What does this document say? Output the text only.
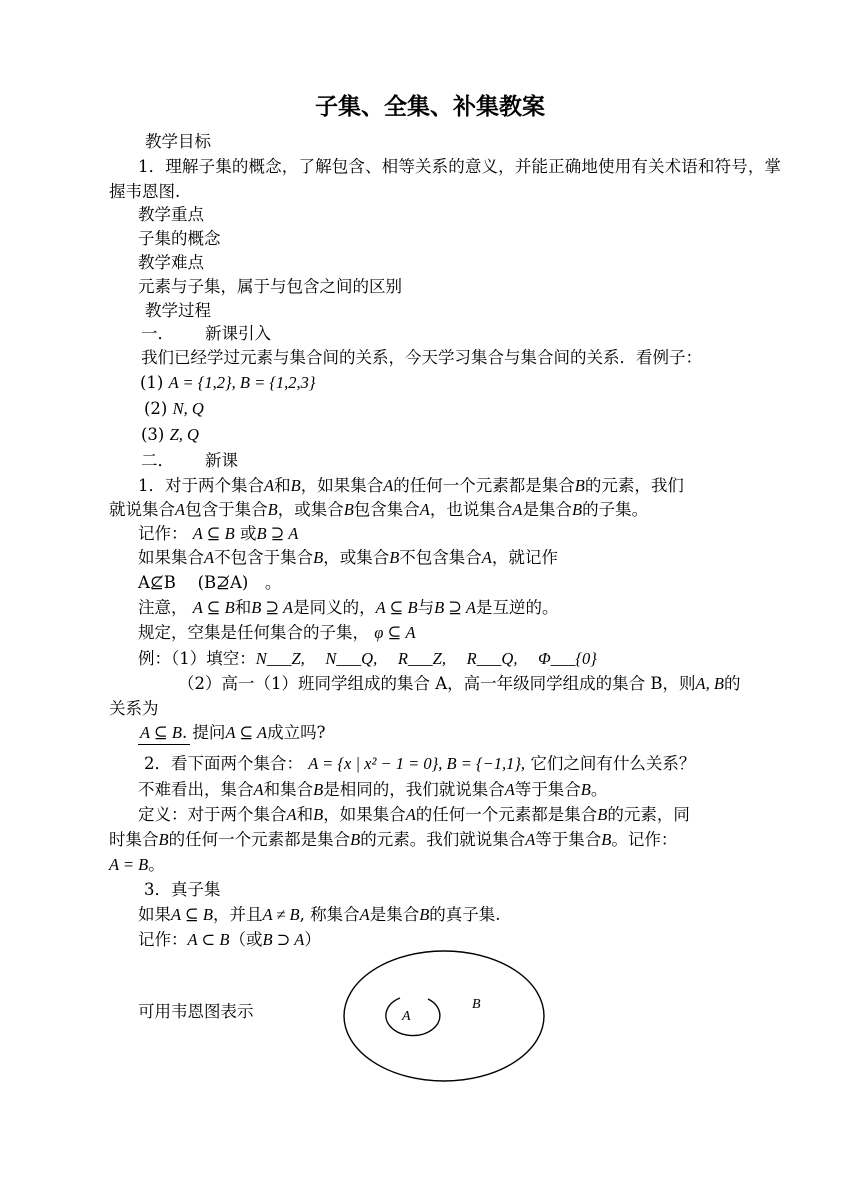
子集、全集、补集教案
教学目标
1．理解子集的概念，了解包含、相等关系的意义，并能正确地使用有关术语和符号，掌握韦恩图.
教学重点
子集的概念
教学难点
元素与子集，属于与包含之间的区别
教学过程
一． 新课引入
我们已经学过元素与集合间的关系，今天学习集合与集合间的关系．看例子：
(1) A = {1,2}, B = {1,2,3}
(2) N, Q
(3) Z, Q
二． 新课
1．对于两个集合A和B，如果集合A的任何一个元素都是集合B的元素，我们
就说集合A包含于集合B，或集合B包含集合A，也说集合A是集合B的子集。
记作： A ⊆ B 或B ⊇ A
如果集合A不包含于集合B，或集合B不包含集合A，就记作
A⊈B　 (B⊉A)　。
注意， A ⊆ B和B ⊇ A是同义的，A ⊆ B与B ⊇ A是互逆的。
规定，空集是任何集合的子集， φ ⊆ A
例：（1）填空：N___Z,　 N___Q,　 R___Z,　 R___Q,　 Φ___{0}
（2）高一（1）班同学组成的集合 A，高一年级同学组成的集合 B，则A, B的
关系为
A ⊆ B. 提问A ⊆ A成立吗?
2．看下面两个集合： A = {x | x² − 1 = 0}, B = {−1,1}, 它们之间有什么关系？
不难看出，集合A和集合B是相同的，我们就说集合A等于集合B。
定义：对于两个集合A和B，如果集合A的任何一个元素都是集合B的元素，同
时集合B的任何一个元素都是集合B的元素。我们就说集合A等于集合B。记作：
A = B。
3．真子集
如果A ⊆ B，并且A ≠ B, 称集合A是集合B的真子集.
记作：A ⊂ B（或B ⊃ A）
可用韦恩图表示	A
B
